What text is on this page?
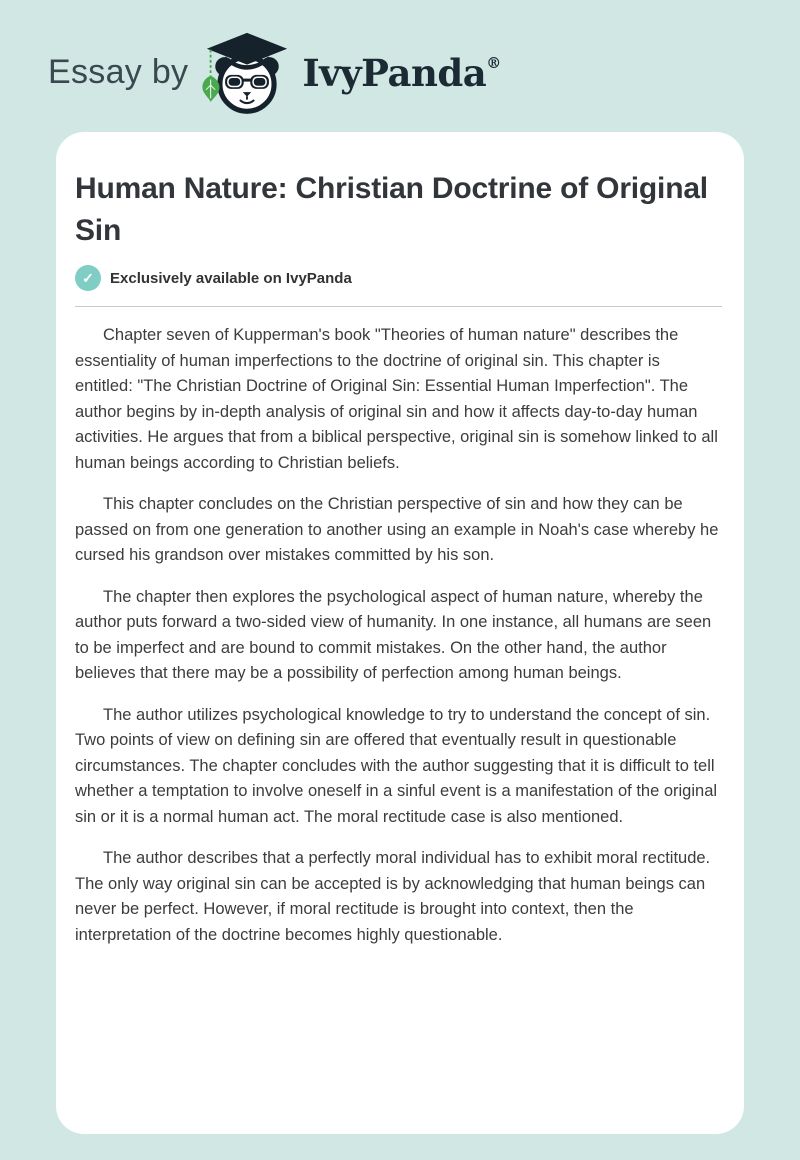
Essay by	IvyPanda®
Human Nature: Christian Doctrine of Original Sin
✓	Exclusively available on IvyPanda

Chapter seven of Kupperman's book "Theories of human nature" describes the essentiality of human imperfections to the doctrine of original sin. This chapter is entitled: "The Christian Doctrine of Original Sin: Essential Human Imperfection". The author begins by in-depth analysis of original sin and how it affects day-to-day human activities. He argues that from a biblical perspective, original sin is somehow linked to all human beings according to Christian beliefs.

This chapter concludes on the Christian perspective of sin and how they can be passed on from one generation to another using an example in Noah's case whereby he cursed his grandson over mistakes committed by his son.

The chapter then explores the psychological aspect of human nature, whereby the author puts forward a two-sided view of humanity. In one instance, all humans are seen to be imperfect and are bound to commit mistakes. On the other hand, the author believes that there may be a possibility of perfection among human beings.

The author utilizes psychological knowledge to try to understand the concept of sin. Two points of view on defining sin are offered that eventually result in questionable circumstances. The chapter concludes with the author suggesting that it is difficult to tell whether a temptation to involve oneself in a sinful event is a manifestation of the original sin or it is a normal human act. The moral rectitude case is also mentioned.

The author describes that a perfectly moral individual has to exhibit moral rectitude. The only way original sin can be accepted is by acknowledging that human beings can never be perfect. However, if moral rectitude is brought into context, then the interpretation of the doctrine becomes highly questionable.
